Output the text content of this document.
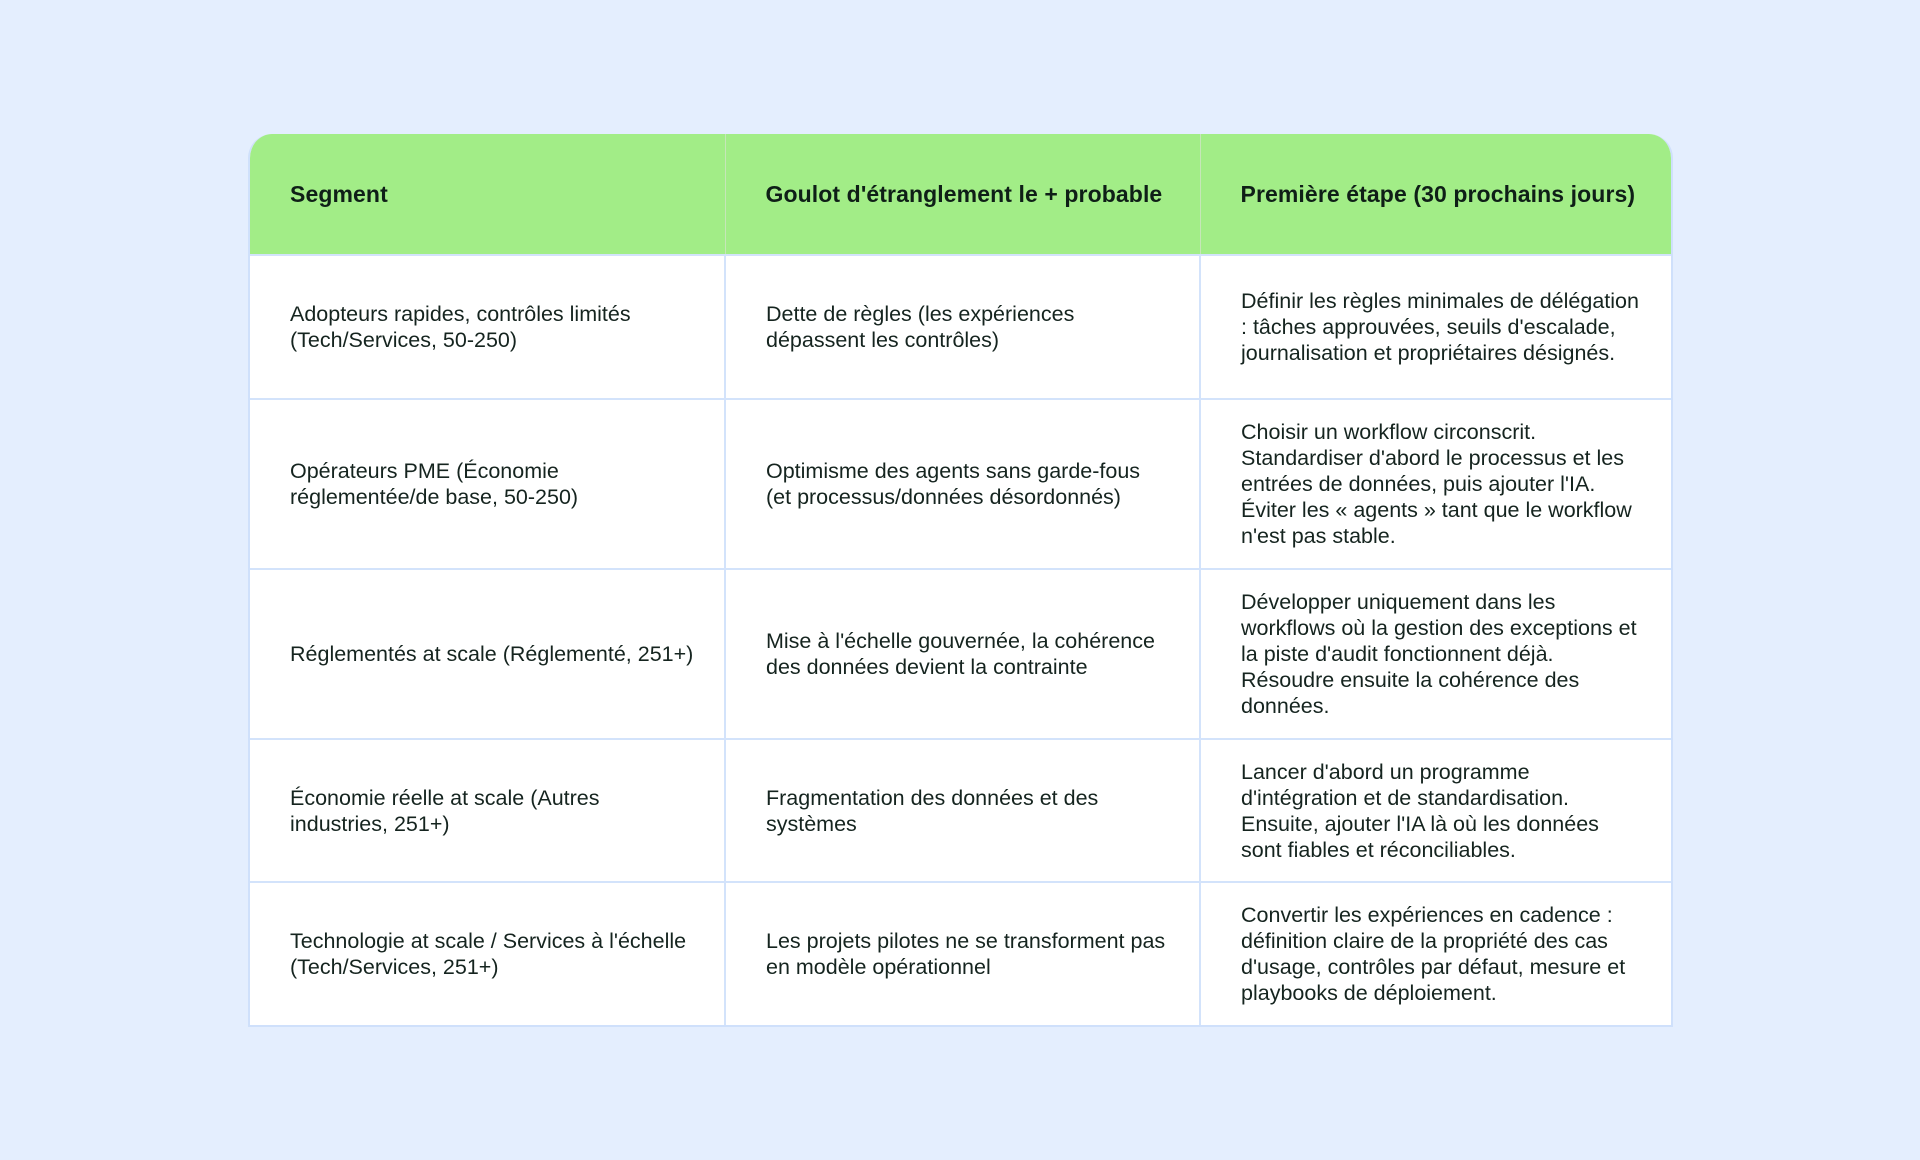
Segment	Goulot d'étranglement le + probable	Première étape (30 prochains jours)
Adopteurs rapides, contrôles limités (Tech/Services, 50-250)	Dette de règles (les expériences dépassent les contrôles)	Définir les règles minimales de délégation : tâches approuvées, seuils d'escalade, journalisation et propriétaires désignés.
Opérateurs PME (Économie réglementée/de base, 50-250)	Optimisme des agents sans garde-fous (et processus/données désordonnés)	Choisir un workflow circonscrit. Standardiser d'abord le processus et les entrées de données, puis ajouter l'IA. Éviter les « agents » tant que le workflow n'est pas stable.
Réglementés at scale (Réglementé, 251+)	Mise à l'échelle gouvernée, la cohérence des données devient la contrainte	Développer uniquement dans les workflows où la gestion des exceptions et la piste d'audit fonctionnent déjà. Résoudre ensuite la cohérence des données.
Économie réelle at scale (Autres industries, 251+)	Fragmentation des données et des systèmes	Lancer d'abord un programme d'intégration et de standardisation. Ensuite, ajouter l'IA là où les données sont fiables et réconciliables.
Technologie at scale / Services à l'échelle (Tech/Services, 251+)	Les projets pilotes ne se transforment pas en modèle opérationnel	Convertir les expériences en cadence : définition claire de la propriété des cas d'usage, contrôles par défaut, mesure et playbooks de déploiement.
